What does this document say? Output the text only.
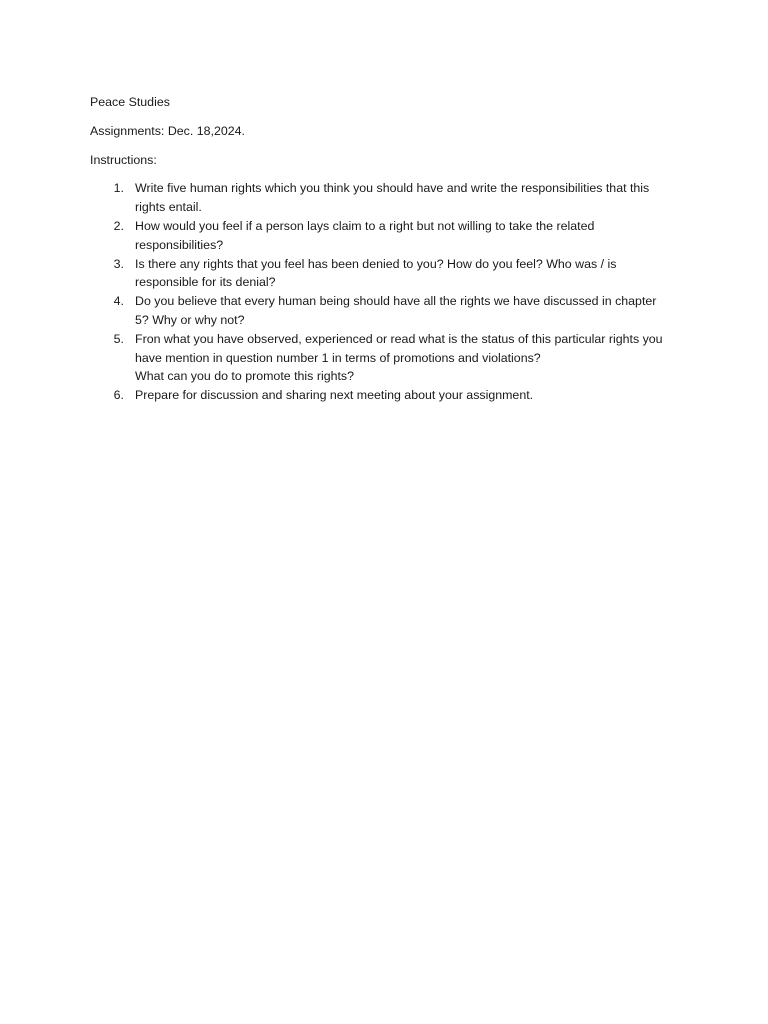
Peace Studies

Assignments: Dec. 18,2024.

Instructions:

1. Write five human rights which you think you should have and write the responsibilities that this
rights entail.
2. How would you feel if a person lays claim to a right but not willing to take the related
responsibilities?
3. Is there any rights that you feel has been denied to you? How do you feel? Who was / is
responsible for its denial?
4. Do you believe that every human being should have all the rights we have discussed in chapter
5? Why or why not?
5. Fron what you have observed, experienced or read what is the status of this particular rights you
have mention in question number 1 in terms of promotions and violations?
What can you do to promote this rights?
6. Prepare for discussion and sharing next meeting about your assignment.
